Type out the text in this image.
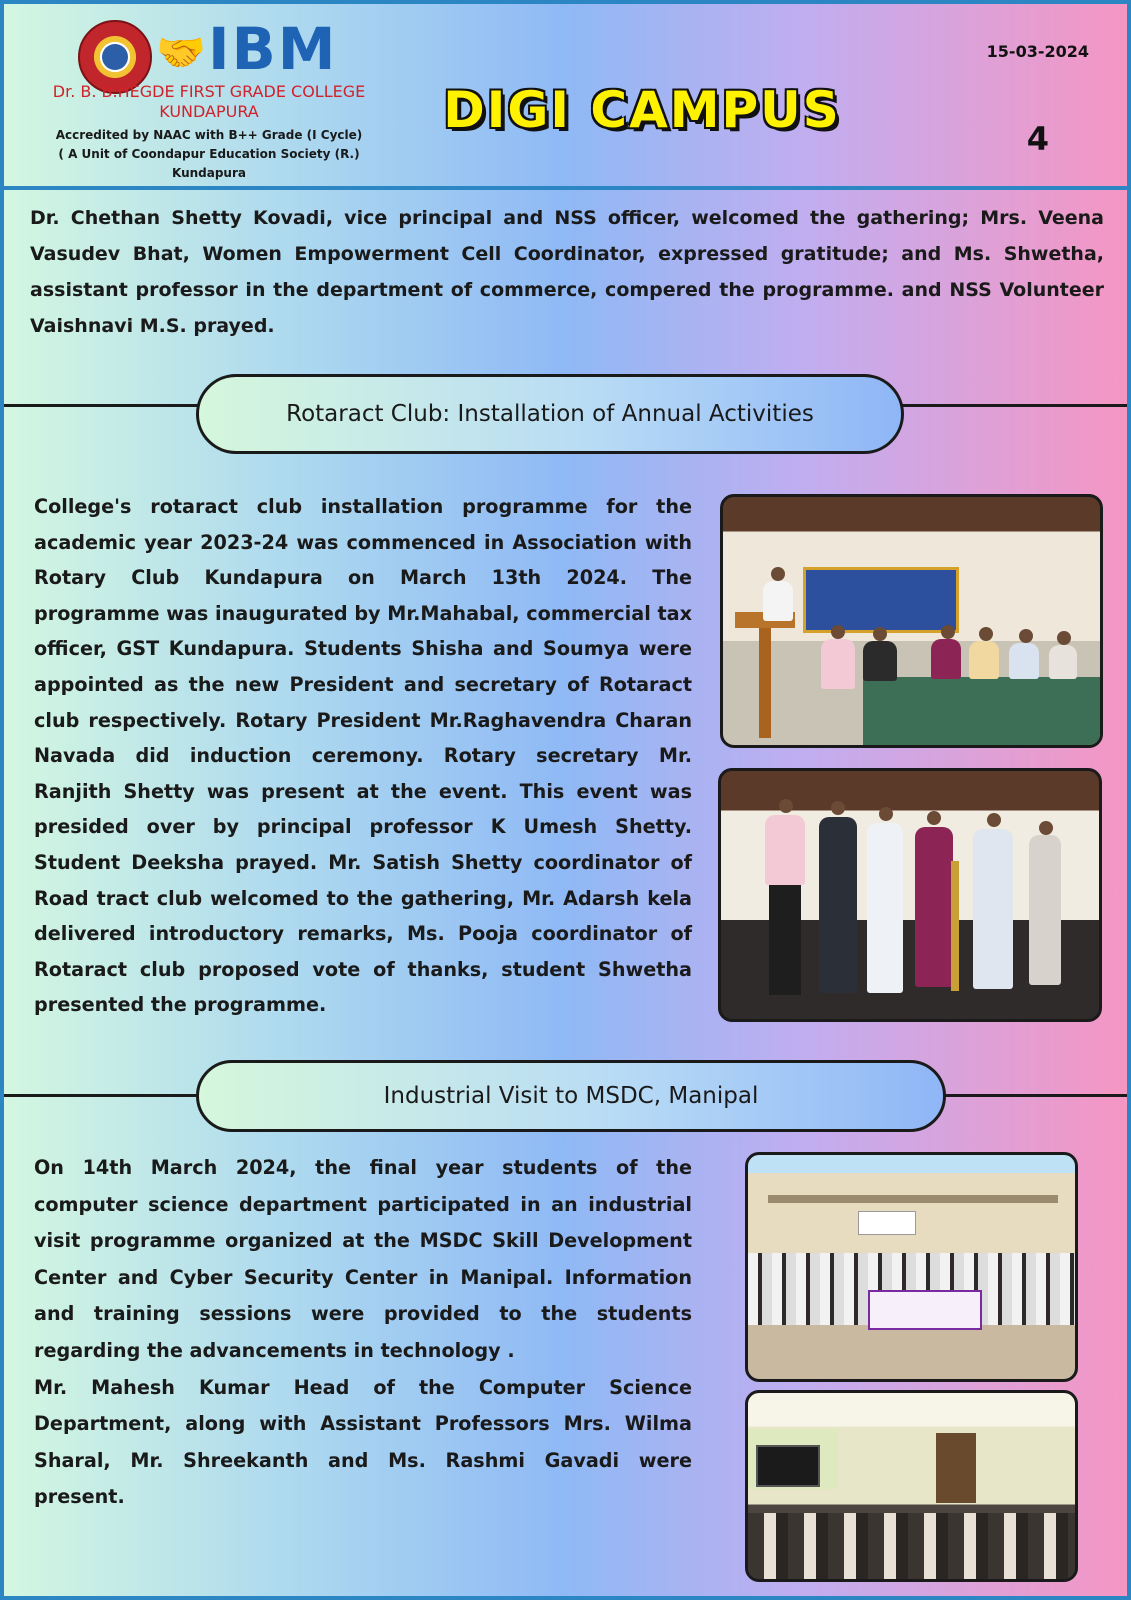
🤝 IBM
Dr. B. B.HEGDE FIRST GRADE COLLEGE
KUNDAPURA
Accredited by NAAC with B++ Grade (I Cycle)
( A Unit of Coondapur Education Society (R.)
Kundapura
DIGI CAMPUS
15-03-2024
4

Dr. Chethan Shetty Kovadi, vice principal and NSS officer, welcomed the gathering; Mrs. Veena Vasudev Bhat, Women Empowerment Cell Coordinator, expressed gratitude; and Ms. Shwetha, assistant professor in the department of commerce, compered the programme. and NSS Volunteer Vaishnavi M.S. prayed.

Rotaract Club: Installation of Annual Activities

College's rotaract club installation programme for the academic year 2023-24 was commenced in Association with Rotary Club Kundapura on March 13th 2024. The programme was inaugurated by Mr.Mahabal, commercial tax officer, GST Kundapura. Students Shisha and Soumya were appointed as the new President and secretary of Rotaract club respectively. Rotary President Mr.Raghavendra Charan Navada did induction ceremony. Rotary secretary Mr. Ranjith Shetty was present at the event. This event was presided over by principal professor K Umesh Shetty. Student Deeksha prayed. Mr. Satish Shetty coordinator of Road tract club welcomed to the gathering, Mr. Adarsh kela delivered introductory remarks, Ms. Pooja coordinator of Rotaract club proposed vote of thanks, student Shwetha presented the programme.

Industrial Visit to MSDC, Manipal
On 14th March 2024, the final year students of the computer science department participated in an industrial visit programme organized at the MSDC Skill Development Center and Cyber Security Center in Manipal. Information and training sessions were provided to the students regarding the advancements in technology .
Mr. Mahesh Kumar Head of the Computer Science Department, along with Assistant Professors Mrs. Wilma Sharal, Mr. Shreekanth and Ms. Rashmi Gavadi were present.
